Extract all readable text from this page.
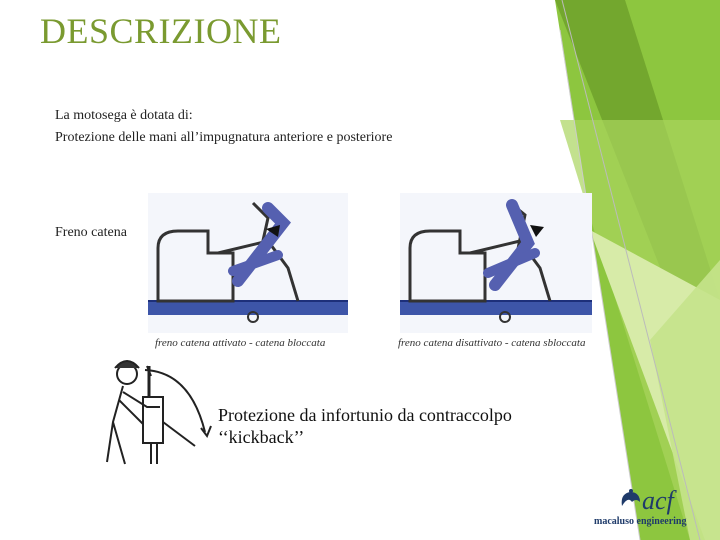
DESCRIZIONE
La motosega è dotata di:
Protezione delle mani all’impugnatura anteriore e posteriore
Freno catena
freno catena attivato - catena bloccata	freno catena disattivato - catena sbloccata
Protezione da infortunio da contraccolpo
‘‘kickback’’
acf
macaluso engineering
